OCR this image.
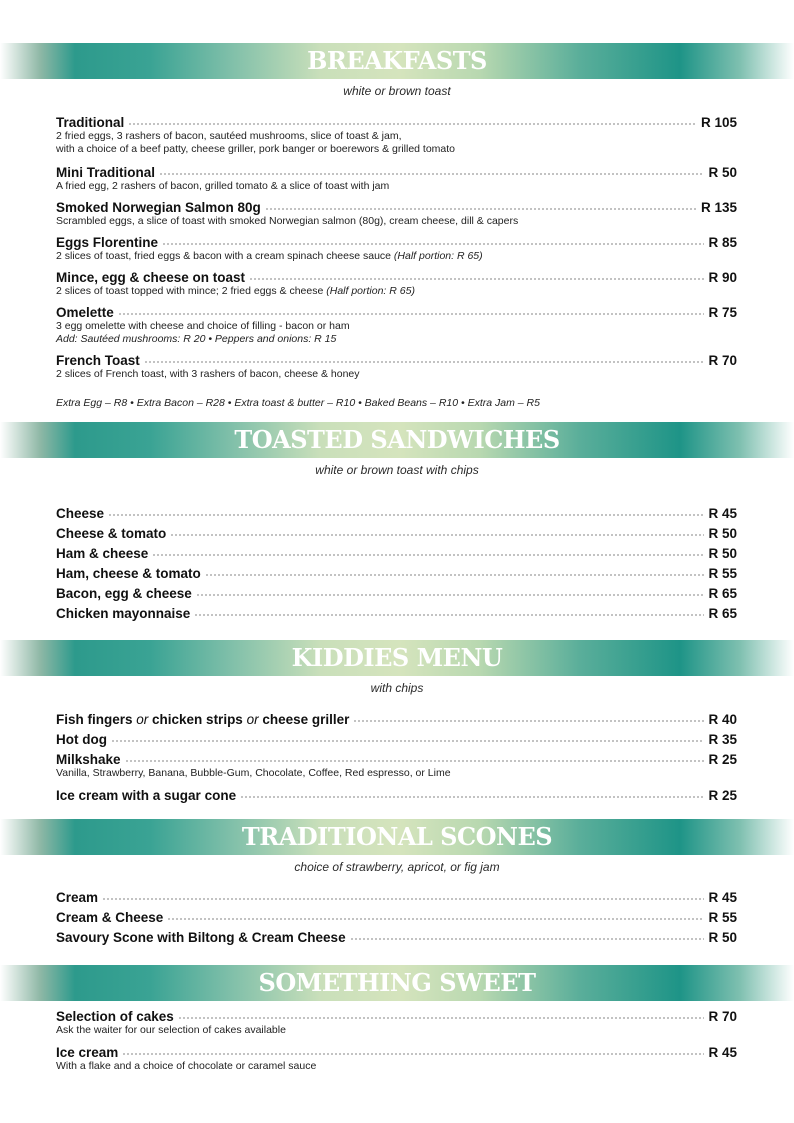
BREAKFASTS
white or brown toast
Traditional	R 105
2 fried eggs, 3 rashers of bacon, sautéed mushrooms, slice of toast & jam,
with a choice of a beef patty, cheese griller, pork banger or boerewors & grilled tomato
Mini Traditional	R 50
A fried egg, 2 rashers of bacon, grilled tomato & a slice of toast with jam
Smoked Norwegian Salmon 80g	R 135
Scrambled eggs, a slice of toast with smoked Norwegian salmon (80g), cream cheese, dill & capers
Eggs Florentine	R 85
2 slices of toast, fried eggs & bacon with a cream spinach cheese sauce (Half portion: R 65)
Mince, egg & cheese on toast	R 90
2 slices of toast topped with mince; 2 fried eggs & cheese (Half portion: R 65)
Omelette	R 75
3 egg omelette with cheese and choice of filling - bacon or ham
Add: Sautéed mushrooms: R 20 • Peppers and onions: R 15
French Toast	R 70
2 slices of French toast, with 3 rashers of bacon, cheese & honey
Extra Egg – R8 • Extra Bacon – R28 • Extra toast & butter – R10 • Baked Beans – R10 • Extra Jam – R5
TOASTED SANDWICHES
white or brown toast with chips
Cheese	R 45
Cheese & tomato	R 50
Ham & cheese	R 50
Ham, cheese & tomato	R 55
Bacon, egg & cheese	R 65
Chicken mayonnaise	R 65
KIDDIES MENU
with chips
Fish fingers or chicken strips or cheese griller	R 40
Hot dog	R 35
Milkshake	R 25
Vanilla, Strawberry, Banana, Bubble-Gum, Chocolate, Coffee, Red espresso, or Lime
Ice cream with a sugar cone	R 25
TRADITIONAL SCONES
choice of strawberry, apricot, or fig jam
Cream	R 45
Cream & Cheese	R 55
Savoury Scone with Biltong & Cream Cheese	R 50
SOMETHING SWEET
Selection of cakes	R 70
Ask the waiter for our selection of cakes available
Ice cream	R 45
With a flake and a choice of chocolate or caramel sauce
